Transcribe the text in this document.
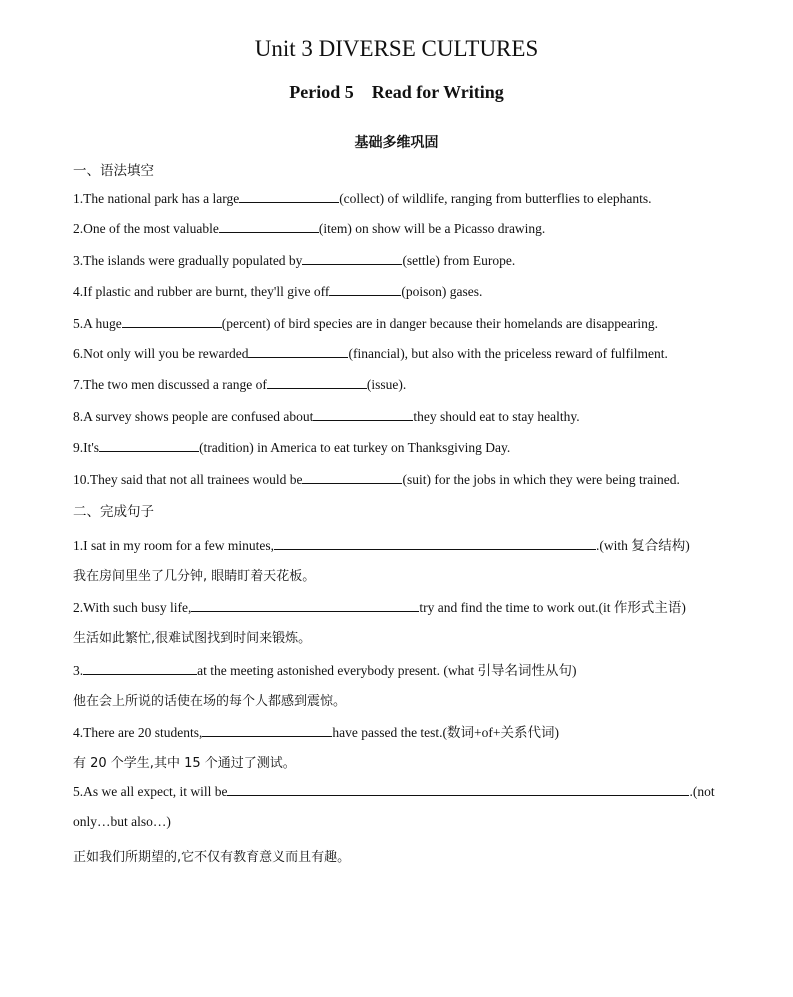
Unit 3 DIVERSE CULTURES
Period 5　Read for Writing
基础多维巩固
一、语法填空
1.The national park has a large	(collect) of wildlife, ranging from butterflies to elephants.
2.One of the most valuable	(item) on show will be a Picasso drawing.
3.The islands were gradually populated by	(settle) from Europe.
4.If plastic and rubber are burnt, they'll give off	(poison) gases.
5.A huge	(percent) of bird species are in danger because their homelands are disappearing.
6.Not only will you be rewarded	(financial), but also with the priceless reward of fulfilment.
7.The two men discussed a range of	(issue).
8.A survey shows people are confused about	they should eat to stay healthy.
9.It's	(tradition) in America to eat turkey on Thanksgiving Day.
10.They said that not all trainees would be	(suit) for the jobs in which they were being trained.
二、完成句子
1.I sat in my room for a few minutes,	.(with 复合结构)
我在房间里坐了几分钟, 眼睛盯着天花板。
2.With such busy life,	try and find the time to work out.(it 作形式主语)
生活如此繁忙,很难试图找到时间来锻炼。
3.	at the meeting astonished everybody present. (what 引导名词性从句)
他在会上所说的话使在场的每个人都感到震惊。
4.There are 20 students,	have passed the test.(数词+of+关系代词)
有 20 个学生,其中 15 个通过了测试。
5.As we all expect, it will be	.(not
only…but also…)
正如我们所期望的,它不仅有教育意义而且有趣。
